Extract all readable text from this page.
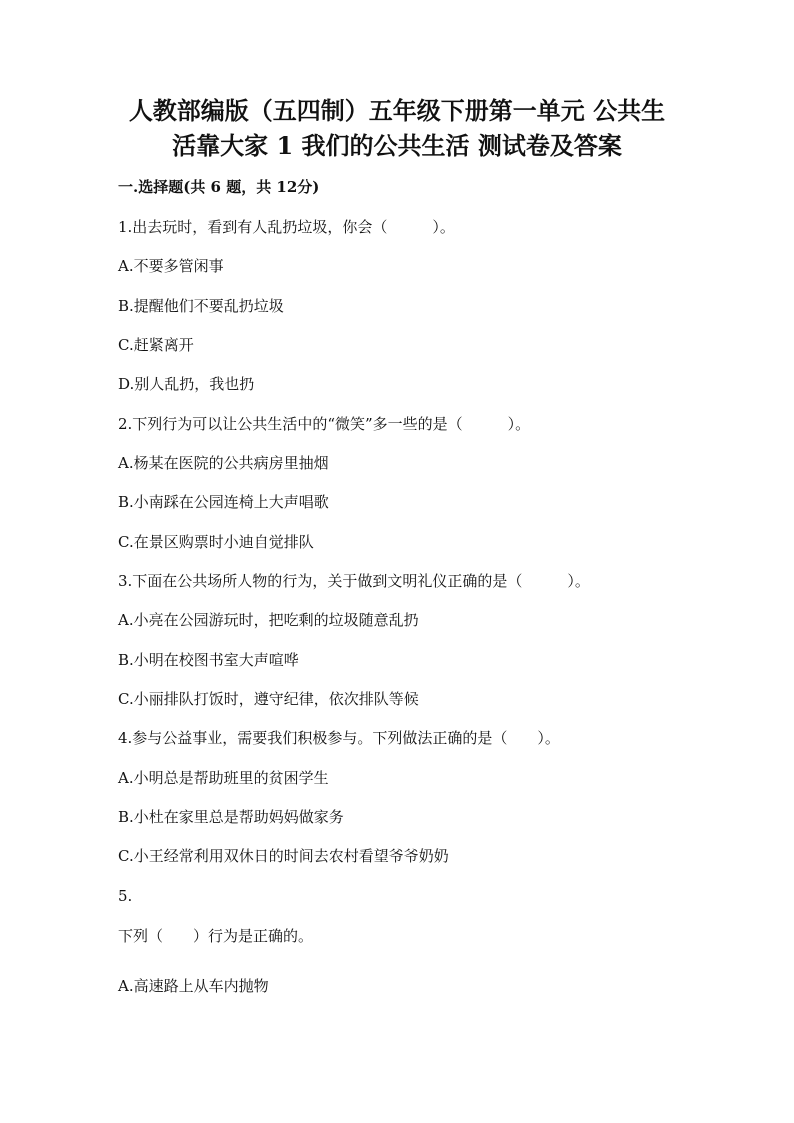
人教部编版（五四制）五年级下册第一单元 公共生
活靠大家 1 我们的公共生活 测试卷及答案
一.选择题(共 6 题，共 12分)
1.出去玩时，看到有人乱扔垃圾，你会（　　　）。
A.不要多管闲事
B.提醒他们不要乱扔垃圾
C.赶紧离开
D.别人乱扔，我也扔
2.下列行为可以让公共生活中的“微笑”多一些的是（　　　）。
A.杨某在医院的公共病房里抽烟
B.小南踩在公园连椅上大声唱歌
C.在景区购票时小迪自觉排队
3.下面在公共场所人物的行为，关于做到文明礼仪正确的是（　　　）。
A.小亮在公园游玩时，把吃剩的垃圾随意乱扔
B.小明在校图书室大声喧哗
C.小丽排队打饭时，遵守纪律，依次排队等候
4.参与公益事业，需要我们积极参与。下列做法正确的是（　　）。
A.小明总是帮助班里的贫困学生
B.小杜在家里总是帮助妈妈做家务
C.小王经常利用双休日的时间去农村看望爷爷奶奶
5.
下列（　　）行为是正确的。
A.高速路上从车内抛物
